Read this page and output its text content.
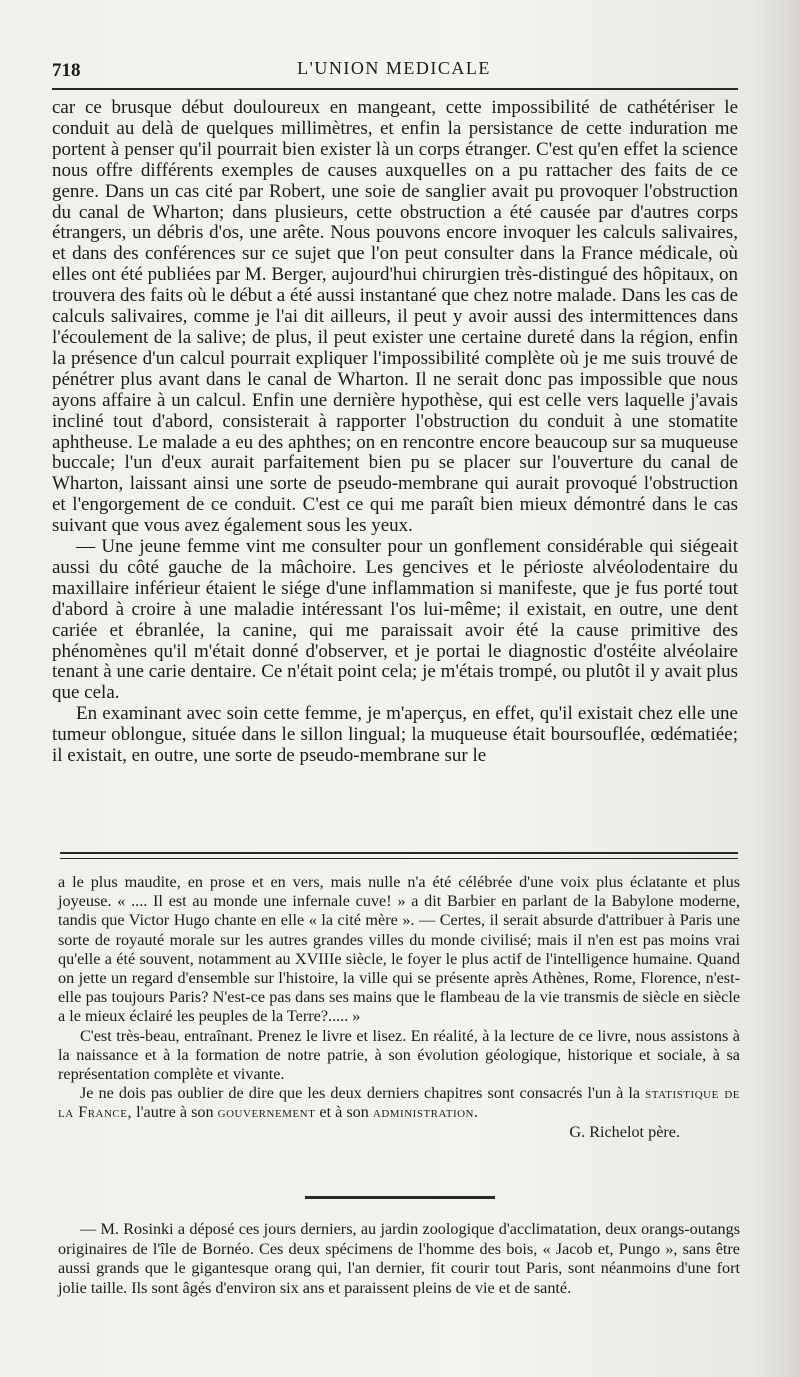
718	L'UNION MEDICALE

car ce brusque début douloureux en mangeant, cette impossibilité de cathétériser le conduit au delà de quelques millimètres, et enfin la persistance de cette induration me portent à penser qu'il pourrait bien exister là un corps étranger. C'est qu'en effet la science nous offre différents exemples de causes auxquelles on a pu rattacher des faits de ce genre. Dans un cas cité par Robert, une soie de sanglier avait pu provoquer l'obstruction du canal de Wharton; dans plusieurs, cette obstruction a été causée par d'autres corps étrangers, un débris d'os, une arête. Nous pouvons encore invoquer les calculs salivaires, et dans des conférences sur ce sujet que l'on peut consulter dans la France médicale, où elles ont été publiées par M. Berger, aujourd'hui chirurgien très-distingué des hôpitaux, on trouvera des faits où le début a été aussi instantané que chez notre malade. Dans les cas de calculs salivaires, comme je l'ai dit ailleurs, il peut y avoir aussi des intermittences dans l'écoulement de la salive; de plus, il peut exister une certaine dureté dans la région, enfin la présence d'un calcul pourrait expliquer l'impossibilité complète où je me suis trouvé de pénétrer plus avant dans le canal de Wharton. Il ne serait donc pas impossible que nous ayons affaire à un calcul. Enfin une dernière hypothèse, qui est celle vers laquelle j'avais incliné tout d'abord, consisterait à rapporter l'obstruction du conduit à une stomatite aphtheuse. Le malade a eu des aphthes; on en rencontre encore beaucoup sur sa muqueuse buccale; l'un d'eux aurait parfaitement bien pu se placer sur l'ouverture du canal de Wharton, laissant ainsi une sorte de pseudo-membrane qui aurait provoqué l'obstruction et l'engorgement de ce conduit. C'est ce qui me paraît bien mieux démontré dans le cas suivant que vous avez également sous les yeux.

— Une jeune femme vint me consulter pour un gonflement considérable qui siégeait aussi du côté gauche de la mâchoire. Les gencives et le périoste alvéolodentaire du maxillaire inférieur étaient le siége d'une inflammation si manifeste, que je fus porté tout d'abord à croire à une maladie intéressant l'os lui-même; il existait, en outre, une dent cariée et ébranlée, la canine, qui me paraissait avoir été la cause primitive des phénomènes qu'il m'était donné d'observer, et je portai le diagnostic d'ostéite alvéolaire tenant à une carie dentaire. Ce n'était point cela; je m'étais trompé, ou plutôt il y avait plus que cela.

En examinant avec soin cette femme, je m'aperçus, en effet, qu'il existait chez elle une tumeur oblongue, située dans le sillon lingual; la muqueuse était boursouflée, œdématiée; il existait, en outre, une sorte de pseudo-membrane sur le

a le plus maudite, en prose et en vers, mais nulle n'a été célébrée d'une voix plus éclatante et plus joyeuse. « .... Il est au monde une infernale cuve! » a dit Barbier en parlant de la Babylone moderne, tandis que Victor Hugo chante en elle « la cité mère ». — Certes, il serait absurde d'attribuer à Paris une sorte de royauté morale sur les autres grandes villes du monde civilisé; mais il n'en est pas moins vrai qu'elle a été souvent, notamment au XVIIIe siècle, le foyer le plus actif de l'intelligence humaine. Quand on jette un regard d'ensemble sur l'histoire, la ville qui se présente après Athènes, Rome, Florence, n'est-elle pas toujours Paris? N'est-ce pas dans ses mains que le flambeau de la vie transmis de siècle en siècle a le mieux éclairé les peuples de la Terre?..... »

C'est très-beau, entraînant. Prenez le livre et lisez. En réalité, à la lecture de ce livre, nous assistons à la naissance et à la formation de notre patrie, à son évolution géologique, historique et sociale, à sa représentation complète et vivante.

Je ne dois pas oublier de dire que les deux derniers chapitres sont consacrés l'un à la statistique de la France, l'autre à son gouvernement et à son administration.

G. Richelot père.

— M. Rosinki a déposé ces jours derniers, au jardin zoologique d'acclimatation, deux orangs-outangs originaires de l'île de Bornéo. Ces deux spécimens de l'homme des bois, « Jacob et, Pungo », sans être aussi grands que le gigantesque orang qui, l'an dernier, fit courir tout Paris, sont néanmoins d'une fort jolie taille. Ils sont âgés d'environ six ans et paraissent pleins de vie et de santé.
